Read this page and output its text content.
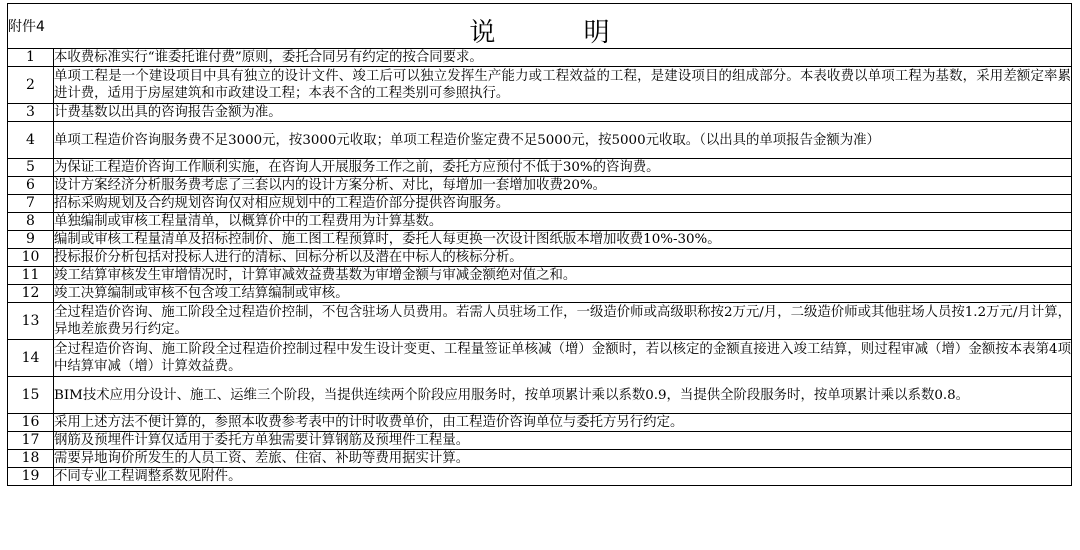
附件4 说 明	

1	本收费标准实行“谁委托谁付费”原则，委托合同另有约定的按合同要求。
2	单项工程是一个建设项目中具有独立的设计文件、竣工后可以独立发挥生产能力或工程效益的工程，是建设项目的组成部分。本表收费以单项工程为基数，采用差额定率累进计费，适用于房屋建筑和市政建设工程；本表不含的工程类别可参照执行。
3	计费基数以出具的咨询报告金额为准。
4	单项工程造价咨询服务费不足3000元，按3000元收取；单项工程造价鉴定费不足5000元，按5000元收取。（以出具的单项报告金额为准）
5	为保证工程造价咨询工作顺利实施，在咨询人开展服务工作之前，委托方应预付不低于30%的咨询费。
6	设计方案经济分析服务费考虑了三套以内的设计方案分析、对比，每增加一套增加收费20%。
7	招标采购规划及合约规划咨询仅对相应规划中的工程造价部分提供咨询服务。
8	单独编制或审核工程量清单，以概算价中的工程费用为计算基数。
9	编制或审核工程量清单及招标控制价、施工图工程预算时，委托人每更换一次设计图纸版本增加收费10%-30%。
10	投标报价分析包括对投标人进行的清标、回标分析以及潜在中标人的核标分析。
11	竣工结算审核发生审增情况时，计算审减效益费基数为审增金额与审减金额绝对值之和。
12	竣工决算编制或审核不包含竣工结算编制或审核。
13	全过程造价咨询、施工阶段全过程造价控制，不包含驻场人员费用。若需人员驻场工作，一级造价师或高级职称按2万元/月，二级造价师或其他驻场人员按1.2万元/月计算，异地差旅费另行约定。
14	全过程造价咨询、施工阶段全过程造价控制过程中发生设计变更、工程量签证单核减（增）金额时，若以核定的金额直接进入竣工结算，则过程审减（增）金额按本表第4项中结算审减（增）计算效益费。
15	BIM技术应用分设计、施工、运维三个阶段，当提供连续两个阶段应用服务时，按单项累计乘以系数0.9，当提供全阶段服务时，按单项累计乘以系数0.8。
16	采用上述方法不便计算的，参照本收费参考表中的计时收费单价，由工程造价咨询单位与委托方另行约定。
17	钢筋及预埋件计算仅适用于委托方单独需要计算钢筋及预埋件工程量。
18	需要异地询价所发生的人员工资、差旅、住宿、补助等费用据实计算。
19	不同专业工程调整系数见附件。
